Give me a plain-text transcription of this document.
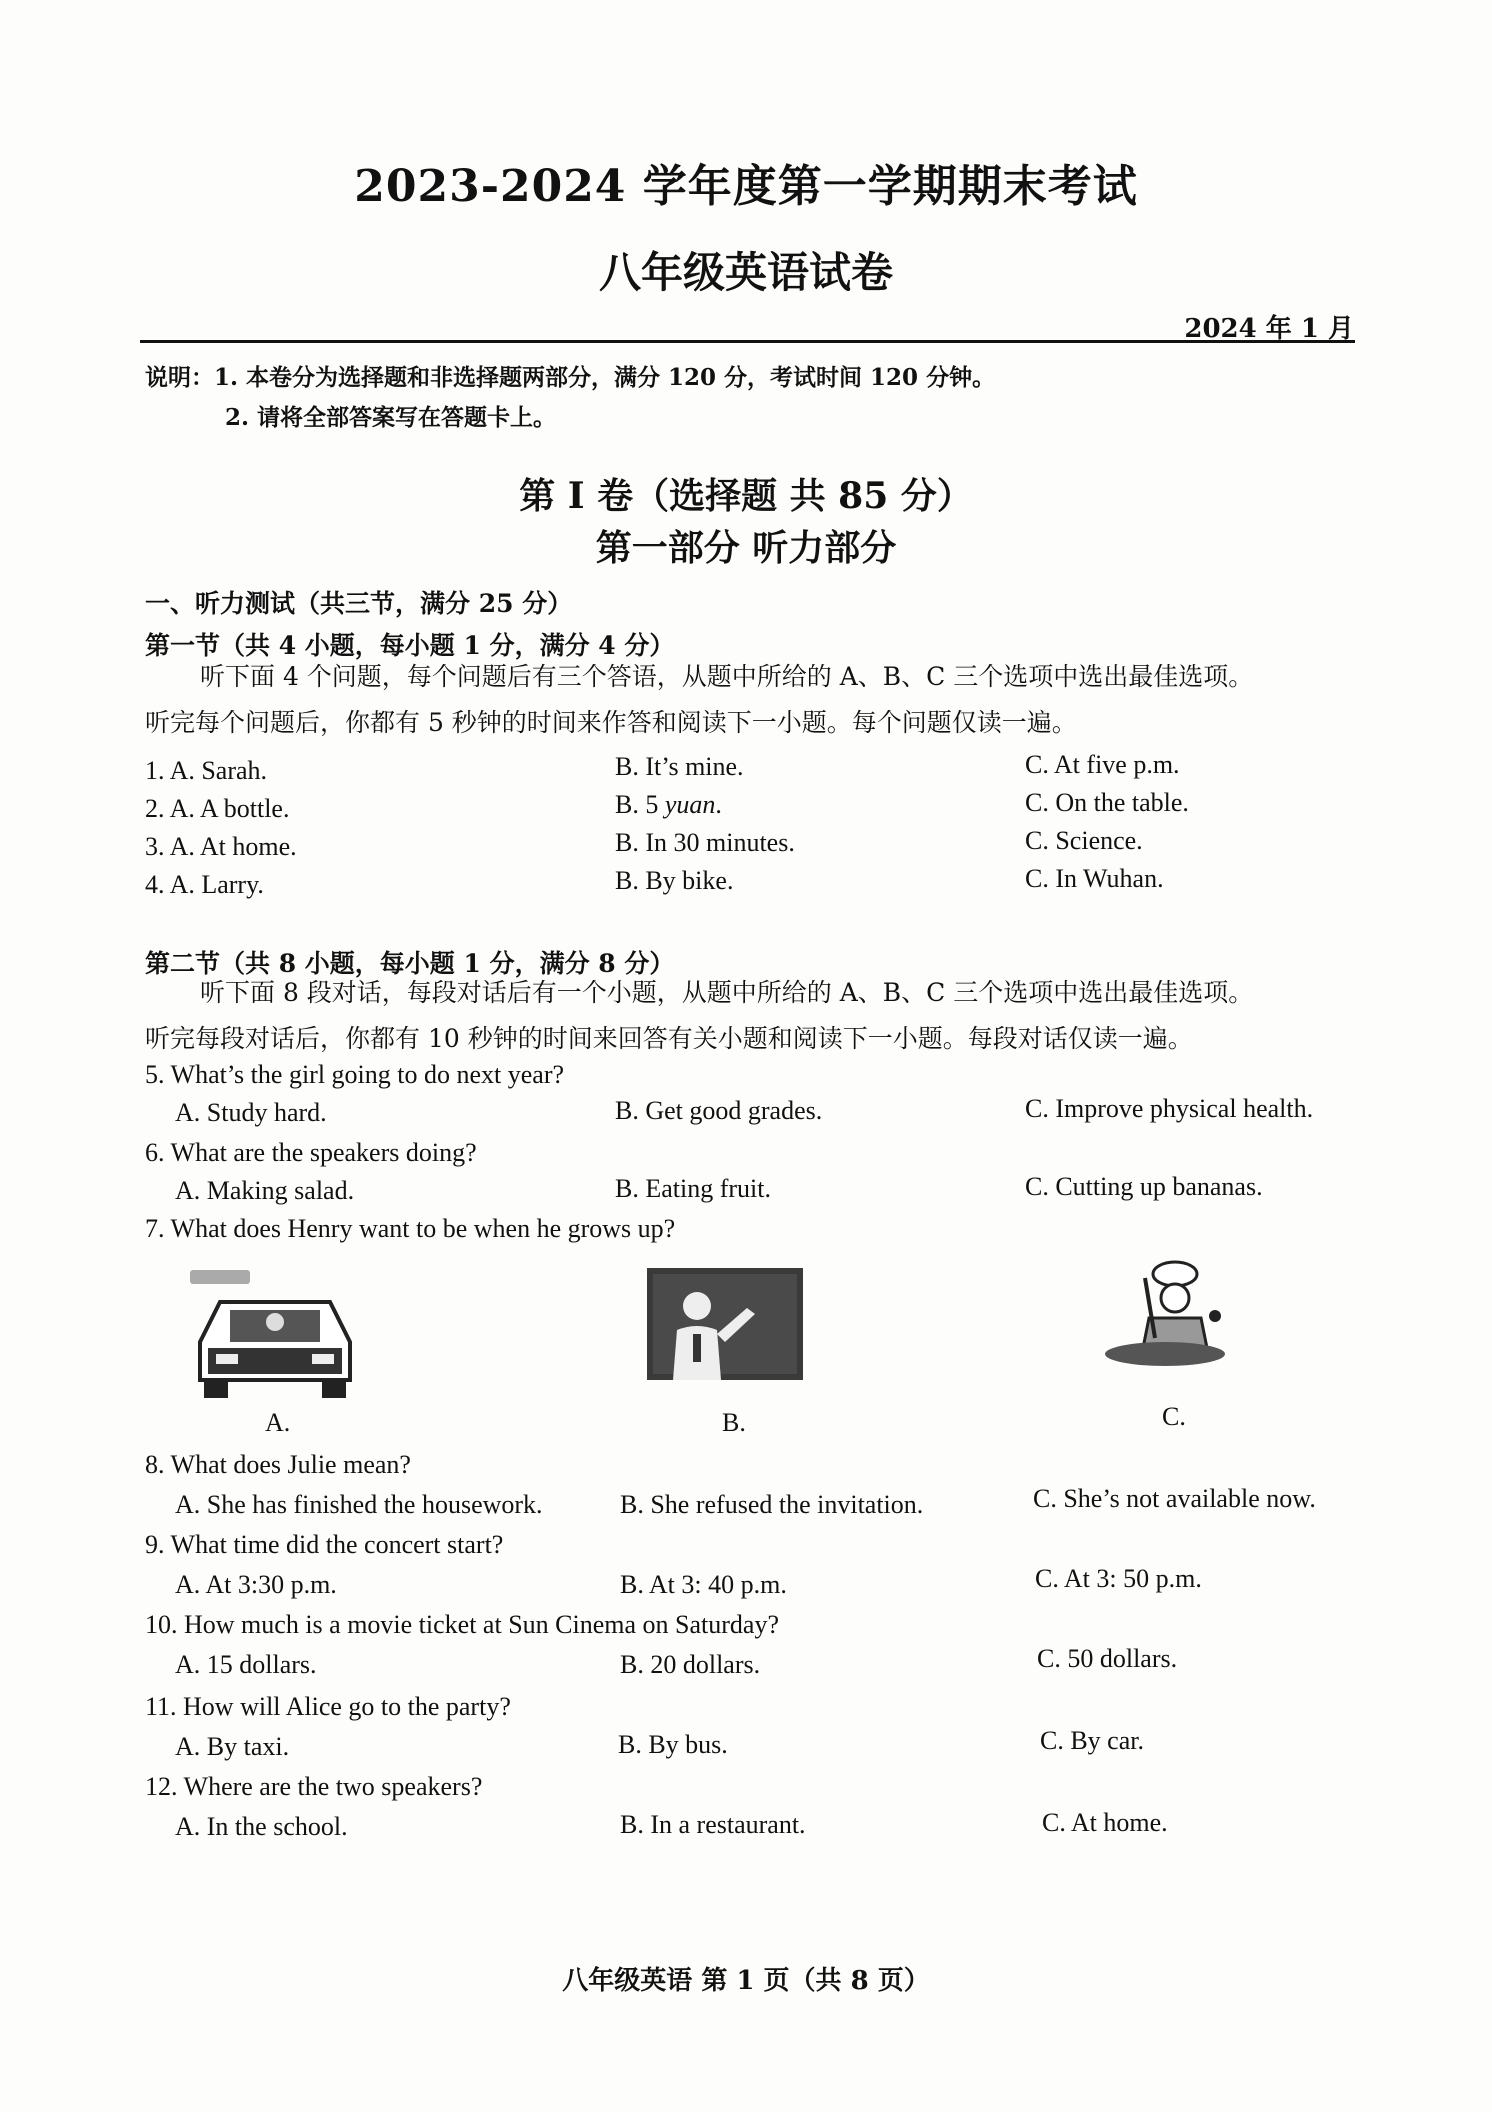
2023-2024 学年度第一学期期末考试
八年级英语试卷
2024 年 1 月
说明：1. 本卷分为选择题和非选择题两部分，满分 120 分，考试时间 120 分钟。
2. 请将全部答案写在答题卡上。
第 I 卷（选择题 共 85 分）
第一部分 听力部分
一、听力测试（共三节，满分 25 分）
第一节（共 4 小题，每小题 1 分，满分 4 分）
听下面 4 个问题，每个问题后有三个答语，从题中所给的 A、B、C 三个选项中选出最佳选项。
听完每个问题后，你都有 5 秒钟的时间来作答和阅读下一小题。每个问题仅读一遍。
1. A. Sarah.	B. It’s mine.	C. At five p.m.
2. A. A bottle.	B. 5 yuan.	C. On the table.
3. A. At home.	B. In 30 minutes.	C. Science.
4. A. Larry.	B. By bike.	C. In Wuhan.
第二节（共 8 小题，每小题 1 分，满分 8 分）
听下面 8 段对话，每段对话后有一个小题，从题中所给的 A、B、C 三个选项中选出最佳选项。
听完每段对话后，你都有 10 秒钟的时间来回答有关小题和阅读下一小题。每段对话仅读一遍。
5. What’s the girl going to do next year?
A. Study hard.	B. Get good grades.	C. Improve physical health.
6. What are the speakers doing?
A. Making salad.	B. Eating fruit.	C. Cutting up bananas.
7. What does Henry want to be when he grows up?
A.	B.	C.
8. What does Julie mean?
A. She has finished the housework.	B. She refused the invitation.	C. She’s not available now.
9. What time did the concert start?
A. At 3:30 p.m.	B. At 3: 40 p.m.	C. At 3: 50 p.m.
10. How much is a movie ticket at Sun Cinema on Saturday?
A. 15 dollars.	B. 20 dollars.	C. 50 dollars.
11. How will Alice go to the party?
A. By taxi.	B. By bus.	C. By car.
12. Where are the two speakers?
A. In the school.	B. In a restaurant.	C. At home.
八年级英语 第 1 页（共 8 页）
